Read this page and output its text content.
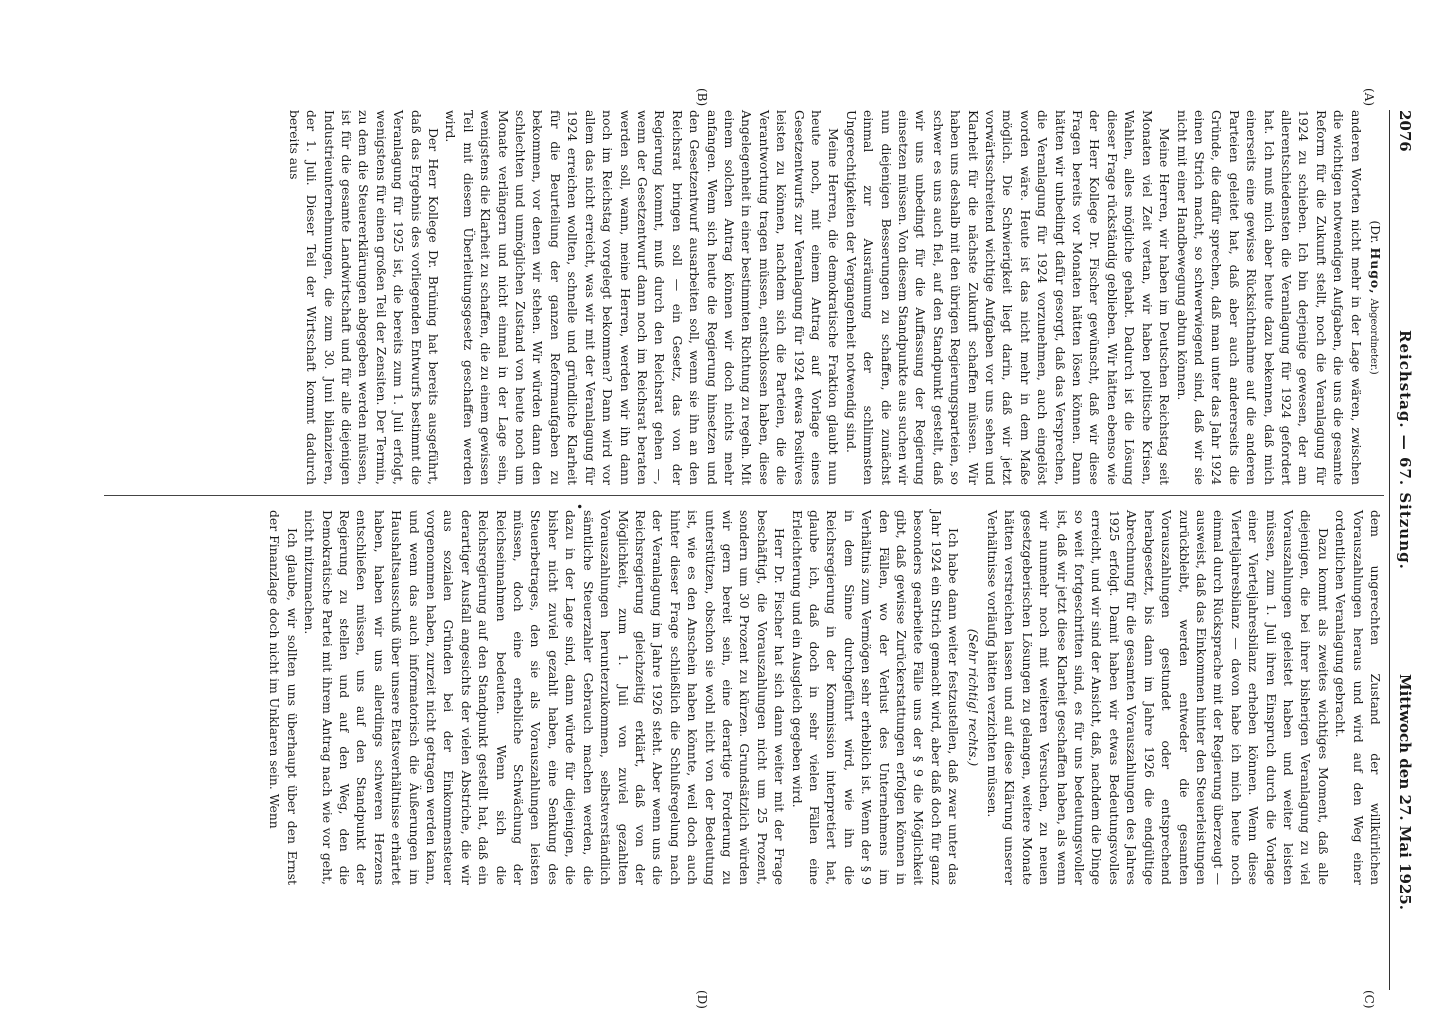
2076
Reichstag. — 67. Sitzung.
Mittwoch den 27. Mai 1925.
(A)
(B)
(C)
(D)
(Dr. Hugo, Abgeordneter.)

anderen Worten nicht mehr in der Lage wären, zwischen die wichtigen notwendigen Aufgaben, die uns die gesamte Reform für die Zukunft stellt, noch die Veranlagung für 1924 zu schieben. Ich bin derjenige gewesen, der am allerentschiedensten die Veranlagung für 1924 gefordert hat. Ich muß mich aber heute dazu bekennen, daß mich einerseits eine gewisse Rücksichtnahme auf die anderen Parteien geleitet hat, daß aber auch andererseits die Gründe, die dafür sprechen, daß man unter das Jahr 1924 einen Strich macht, so schwerwiegend sind, daß wir sie nicht mit einer Handbewegung abtun können.

Meine Herren, wir haben im Deutschen Reichstag seit Monaten viel Zeit vertan, wir haben politische Krisen, Wahlen, alles mögliche gehabt. Dadurch ist die Lösung dieser Frage rückständig geblieben. Wir hätten ebenso wie der Herr Kollege Dr. Fischer gewünscht, daß wir diese Fragen bereits vor Monaten hätten lösen können. Dann hätten wir unbedingt dafür gesorgt, daß das Versprechen, die Veranlagung für 1924 vorzunehmen, auch eingelöst worden wäre. Heute ist das nicht mehr in dem Maße möglich. Die Schwierigkeit liegt darin, daß wir jetzt vorwärtsschreitend wichtige Aufgaben vor uns sehen und Klarheit für die nächste Zukunft schaffen müssen. Wir haben uns deshalb mit den übrigen Regierungsparteien, so schwer es uns auch fiel, auf den Standpunkt gestellt, daß wir uns unbedingt für die Auffassung der Regierung einsetzen müssen. Von diesem Standpunkte aus suchen wir nun diejenigen Besserungen zu schaffen, die zunächst einmal zur Ausräumung der schlimmsten Ungerechtigkeiten der Vergangenheit notwendig sind.

Meine Herren, die demokratische Fraktion glaubt nun heute noch, mit einem Antrag auf Vorlage eines Gesetzentwurfs zur Veranlagung für 1924 etwas Positives leisten zu können, nachdem sich die Parteien, die die Verantwortung tragen müssen, entschlossen haben, diese Angelegenheit in einer bestimmten Richtung zu regeln. Mit einem solchen Antrag können wir doch nichts mehr anfangen. Wenn sich heute die Regierung hinsetzen und den Gesetzentwurf ausarbeiten soll, wenn sie ihn an den Reichsrat bringen soll — ein Gesetz, das von der Regierung kommt, muß durch den Reichsrat gehen —, wenn der Gesetzentwurf dann noch im Reichsrat beraten werden soll, wann, meine Herren, werden wir ihn dann noch im Reichstag vorgelegt bekommen? Dann wird vor allem das nicht erreicht, was wir mit der Veranlagung für 1924 erreichen wollten, schnelle und gründliche Klarheit für die Beurteilung der ganzen Reformaufgaben zu bekommen, vor denen wir stehen. Wir würden dann den schlechten und unmöglichen Zustand von heute noch um Monate verlängern und nicht einmal in der Lage sein, wenigstens die Klarheit zu schaffen, die zu einem gewissen Teil mit diesem Überleitungsgesetz geschaffen werden wird.

Der Herr Kollege Dr. Brüning hat bereits ausgeführt, daß das Ergebnis des vorliegenden Entwurfs bestimmt die Veranlagung für 1925 ist, die bereits zum 1. Juli erfolgt, wenigstens für einen großen Teil der Zensiten. Der Termin, zu dem die Steuererklärungen abgegeben werden müssen, ist für die gesamte Landwirtschaft und für alle diejenigen Industrieunternehmungen, die zum 30. Juni bilanzieren, der 1. Juli. Dieser Teil der Wirtschaft kommt dadurch bereits aus

•

dem ungerechten Zustand der willkürlichen Vorauszahlungen heraus und wird auf den Weg einer ordentlichen Veranlagung gebracht.

Dazu kommt als zweites wichtiges Moment, daß alle diejenigen, die bei ihrer bisherigen Veranlagung zu viel Vorauszahlungen geleistet haben und weiter leisten müssen, zum 1. Juli ihren Einspruch durch die Vorlage einer Vierteljahresbilanz erheben können. Wenn diese Vierteljahresbilanz — davon habe ich mich heute noch einmal durch Rücksprache mit der Regierung überzeugt — ausweist, daß das Einkommen hinter den Steuerleistungen zurückbleibt, werden entweder die gesamten Vorauszahlungen gestundet oder entsprechend herabgesetzt, bis dann im Jahre 1926 die endgültige Abrechnung für die gesamten Vorauszahlungen des Jahres 1925 erfolgt. Damit haben wir etwas Bedeutungsvolles erreicht, und wir sind der Ansicht, daß, nachdem die Dinge so weit fortgeschritten sind, es für uns bedeutungsvoller ist, daß wir jetzt diese Klarheit geschaffen haben, als wenn wir nunmehr noch mit weiteren Versuchen, zu neuen gesetzgeberischen Lösungen zu gelangen, weitere Monate hätten verstreichen lassen und auf diese Klärung unserer Verhältnisse vorläufig hätten verzichten müssen.

(Sehr richtig! rechts.)

Ich habe dann weiter festzustellen, daß zwar unter das Jahr 1924 ein Strich gemacht wird, aber daß doch für ganz besonders gearbeitete Fälle uns der § 9 die Möglichkeit gibt, daß gewisse Zurückerstattungen erfolgen können in den Fällen, wo der Verlust des Unternehmens im Verhältnis zum Vermögen sehr erheblich ist. Wenn der § 9 in dem Sinne durchgeführt wird, wie ihn die Reichsregierung in der Kommission interpretiert hat, glaube ich, daß doch in sehr vielen Fällen eine Erleichterung und ein Ausgleich gegeben wird.

Herr Dr. Fischer hat sich dann weiter mit der Frage beschäftigt, die Vorauszahlungen nicht um 25 Prozent, sondern um 30 Prozent zu kürzen. Grundsätzlich würden wir gern bereit sein, eine derartige Forderung zu unterstützen, obschon sie wohl nicht von der Bedeutung ist, wie es den Anschein haben könnte, weil doch auch hinter dieser Frage schließlich die Schlußregelung nach der Veranlagung im Jahre 1926 steht. Aber wenn uns die Reichsregierung gleichzeitig erklärt, daß von der Möglichkeit, zum 1. Juli von zuviel gezahlten Vorauszahlungen herunterzukommen, selbstverständlich sämtliche Steuerzahler Gebrauch machen werden, die dazu in der Lage sind, dann würde für diejenigen, die bisher nicht zuviel gezahlt haben, eine Senkung des Steuerbetrages, den sie als Vorauszahlungen leisten müssen, doch eine erhebliche Schwächung der Reichseinnahmen bedeuten. Wenn sich die Reichsregierung auf den Standpunkt gestellt hat, daß ein derartiger Ausfall angesichts der vielen Abstriche, die wir aus sozialen Gründen bei der Einkommensteuer vorgenommen haben, zurzeit nicht getragen werden kann, und wenn das auch informatorisch die Äußerungen im Haushaltsausschuß über unsere Etatsverhältnisse erhärtet haben, haben wir uns allerdings schweren Herzens entschließen müssen, uns auf den Standpunkt der Regierung zu stellen und auf den Weg, den die Demokratische Partei mit ihrem Antrag nach wie vor geht, nicht mitzumachen.

Ich glaube, wir sollten uns überhaupt über den Ernst der Finanzlage doch nicht im Unklaren sein. Wenn
